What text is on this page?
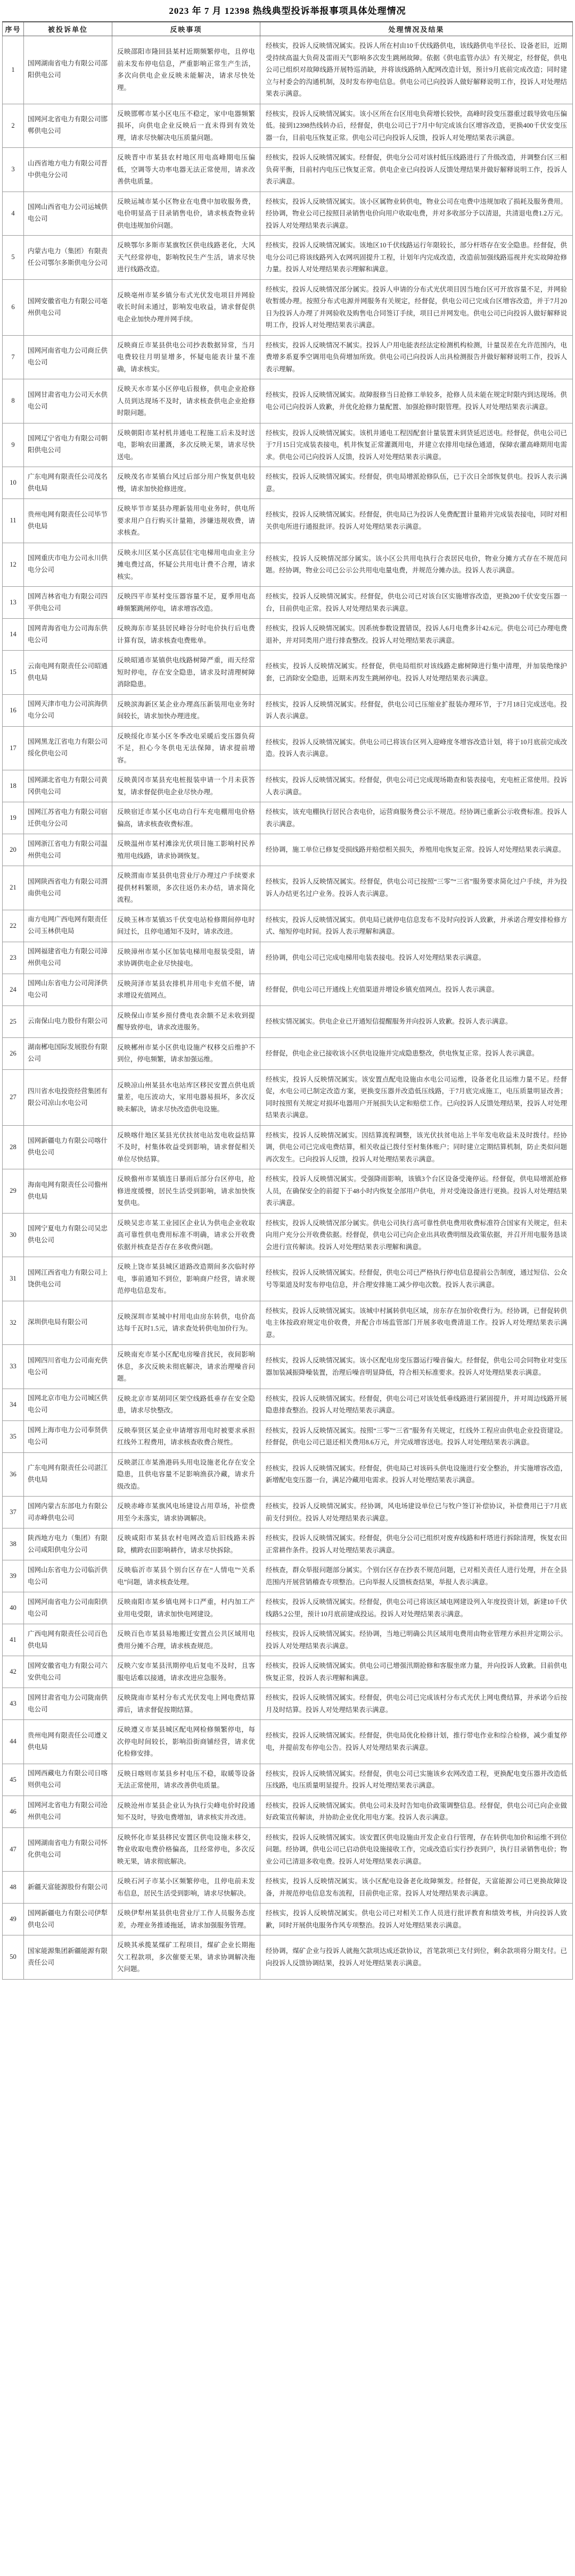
2023 年 7 月 12398 热线典型投诉举报事项具体处理情况
序号	被投诉单位	反映事项	处理情况及结果
1	国网湖南省电力有限公司邵阳供电公司	反映邵阳市隆回县某村近期频繁停电，且停电前未发布停电信息，严重影响正常生产生活，多次向供电企业反映未能解决，请求尽快处理。	经核实，投诉人反映情况属实。投诉人所在村由10千伏线路供电，该线路供电半径长、设备老旧，近期受持续高温大负荷及雷雨天气影响多次发生跳闸故障。依据《供电监管办法》有关规定，经督促，供电公司已组织对故障线路开展特巡消缺，并将该线路纳入配网改造计划，预计9月底前完成改造；同时建立与村委会的沟通机制，及时发布停电信息。供电公司已向投诉人做好解释说明工作，投诉人对处理结果表示满意。
2	国网河北省电力有限公司邯郸供电公司	反映邯郸市某小区电压不稳定，家中电器频繁损坏，向供电企业反映后一直未得到有效处理，请求尽快解决电压质量问题。	经核实，投诉人反映情况属实。该小区所在台区用电负荷增长较快，高峰时段变压器重过载导致电压偏低。接到12398热线转办后，经督促，供电公司已于7月中旬完成该台区增容改造，更换400千伏安变压器一台，目前电压恢复正常。供电公司已向投诉人反馈，投诉人对处理结果表示满意。
3	山西省地方电力有限公司晋中供电分公司	反映晋中市某县农村地区用电高峰期电压偏低，空调等大功率电器无法正常使用，请求改善供电质量。	经核实，投诉人反映情况属实。经督促，供电分公司对该村低压线路进行了升级改造，并调整台区三相负荷平衡，目前村内电压已恢复正常。供电企业已向投诉人反馈处理结果并做好解释说明工作，投诉人表示满意。
4	国网山西省电力公司运城供电公司	反映运城市某小区物业在电费中加收服务费，电价明显高于目录销售电价，请求核查物业转供电违规加价问题。	经核实，投诉人反映情况属实。该小区属物业转供电，物业公司在电费中违规加收了损耗及服务费用。经协调，物业公司已按照目录销售电价向用户收取电费，并对多收部分予以清退，共清退电费1.2万元。投诉人对处理结果表示满意。
5	内蒙古电力（集团）有限责任公司鄂尔多斯供电分公司	反映鄂尔多斯市某旗牧区供电线路老化，大风天气经常停电，影响牧民生产生活，请求尽快进行线路改造。	经核实，投诉人反映情况属实。该地区10千伏线路运行年限较长，部分杆塔存在安全隐患。经督促，供电分公司已将该线路列入农网巩固提升工程，计划年内完成改造，改造前加强线路巡视并充实故障抢修力量。投诉人对处理结果表示理解和满意。
6	国网安徽省电力有限公司亳州供电公司	反映亳州市某乡镇分布式光伏发电项目并网验收长时间未通过，影响发电收益，请求督促供电企业加快办理并网手续。	经核实，投诉人反映情况部分属实。投诉人申请的分布式光伏项目因当地台区可开放容量不足，并网验收暂缓办理。按照分布式电源并网服务有关规定，经督促，供电公司已完成台区增容改造，并于7月20日为投诉人办理了并网验收及购售电合同签订手续，项目已并网发电。供电公司已向投诉人做好解释说明工作，投诉人对处理结果表示满意。
7	国网河南省电力公司商丘供电公司	反映商丘市某县供电公司抄表数据异常，当月电费较往月明显增多，怀疑电能表计量不准确，请求核实。	经核实，投诉人反映情况不属实。投诉人户用电能表经法定检测机构检测，计量误差在允许范围内，电费增多系夏季空调用电负荷增加所致。供电公司已向投诉人出具检测报告并做好解释说明工作，投诉人表示理解。
8	国网甘肃省电力公司天水供电公司	反映天水市某小区停电后报修，供电企业抢修人员到达现场不及时，请求核查供电企业抢修时限问题。	经核实，投诉人反映情况属实。故障报修当日抢修工单较多，抢修人员未能在规定时限内到达现场。供电公司已向投诉人致歉，并优化抢修力量配置、加强抢修时限管理。投诉人对处理结果表示满意。
9	国网辽宁省电力有限公司朝阳供电公司	反映朝阳市某村机井通电工程施工后未及时送电，影响农田灌溉，多次反映无果，请求尽快送电。	经核实，投诉人反映情况属实。该机井通电工程因配套计量装置未到货延迟送电。经督促，供电公司已于7月15日完成装表接电，机井恢复正常灌溉用电，并建立农排用电绿色通道，保障农灌高峰期用电需求。供电公司已向投诉人反馈，投诉人对处理结果表示满意。
10	广东电网有限责任公司茂名供电局	反映茂名市某镇台风过后部分用户恢复供电较慢，请求加快抢修进度。	经核实，投诉人反映情况属实。经督促，供电局增派抢修队伍，已于次日全部恢复供电。投诉人表示满意。
11	贵州电网有限责任公司毕节供电局	反映毕节市某县办理新装用电业务时，供电所要求用户自行购买计量箱，涉嫌违规收费，请求核查。	经核实，投诉人反映情况属实。经督促，供电局已为投诉人免费配置计量箱并完成装表接电，同时对相关供电所进行通报批评。投诉人对处理结果表示满意。
12	国网重庆市电力公司永川供电分公司	反映永川区某小区高层住宅电梯用电由业主分摊电费过高，怀疑公共用电计费不合理，请求核实。	经核实，投诉人反映情况部分属实。该小区公共用电执行合表居民电价，物业分摊方式存在不规范问题。经协调，物业公司已公示公共用电电量电费，并规范分摊办法。投诉人表示满意。
13	国网吉林省电力有限公司四平供电公司	反映四平市某村变压器容量不足，夏季用电高峰频繁跳闸停电，请求增容改造。	经核实，投诉人反映情况属实。经督促，供电公司已对该台区实施增容改造，更换200千伏安变压器一台，目前供电正常。投诉人对处理结果表示满意。
14	国网青海省电力公司海东供电公司	反映海东市某县居民峰谷分时电价执行后电费计算有误，请求核查电费账单。	经核实，投诉人反映情况属实。因系统参数设置错误，投诉人6月电费多计42.6元。供电公司已办理电费退补，并对同类用户进行排查整改。投诉人对处理结果表示满意。
15	云南电网有限责任公司昭通供电局	反映昭通市某镇供电线路树障严重，雨天经常短时停电，存在安全隐患，请求及时清理树障消除隐患。	经核实，投诉人反映情况属实。经督促，供电局组织对该线路走廊树障进行集中清理，并加装绝缘护套，已消除安全隐患，近期未再发生跳闸停电。投诉人对处理结果表示满意。
16	国网天津市电力公司滨海供电分公司	反映滨海新区某企业办理高压新装用电业务时间较长，请求加快办理进度。	经核实，投诉人反映情况属实。经督促，供电公司已压缩业扩报装办理环节，于7月18日完成送电。投诉人表示满意。
17	国网黑龙江省电力有限公司绥化供电公司	反映绥化市某小区冬季改电采暖后变压器负荷不足，担心今冬供电无法保障，请求提前增容。	经核实，投诉人反映情况属实。供电公司已将该台区列入迎峰度冬增容改造计划，将于10月底前完成改造。投诉人表示满意。
18	国网湖北省电力有限公司黄冈供电公司	反映黄冈市某县充电桩报装申请一个月未获答复，请求督促供电企业尽快办理。	经核实，投诉人反映情况属实。经督促，供电公司已完成现场勘查和装表接电，充电桩正常使用。投诉人表示满意。
19	国网江苏省电力有限公司宿迁供电分公司	反映宿迁市某小区电动自行车充电棚用电价格偏高，请求核查收费标准。	经核实，该充电棚执行居民合表电价，运营商服务费公示不规范。经协调已重新公示收费标准。投诉人表示满意。
20	国网浙江省电力有限公司温州供电公司	反映温州市某村滩涂光伏项目施工影响村民养殖用电线路，请求协调恢复。	经协调，施工单位已修复受损线路并赔偿相关损失，养殖用电恢复正常。投诉人对处理结果表示满意。
21	国网陕西省电力有限公司渭南供电公司	反映渭南市某县供电营业厅办理过户手续要求提供材料繁琐，多次往返仍未办结，请求简化流程。	经核实，投诉人反映情况属实。经督促，供电公司已按照“三零”“三省”服务要求简化过户手续，并为投诉人办结更名过户业务。投诉人表示满意。
22	南方电网广西电网有限责任公司玉林供电局	反映玉林市某镇35千伏变电站检修期间停电时间过长，且停电通知不及时，请求改进。	经核实，投诉人反映情况属实。供电局已就停电信息发布不及时向投诉人致歉，并承诺合理安排检修方式、缩短停电时间。投诉人表示理解和满意。
23	国网福建省电力有限公司漳州供电公司	反映漳州市某小区加装电梯用电报装受阻，请求协调供电企业尽快接电。	经协调，供电公司已完成电梯用电装表接电。投诉人对处理结果表示满意。
24	国网山东省电力公司菏泽供电公司	反映菏泽市某县农排机井用电卡充值不便，请求增设充值网点。	经督促，供电公司已开通线上充值渠道并增设乡镇充值网点。投诉人表示满意。
25	云南保山电力股份有限公司	反映保山市某乡预付费电表余额不足未收到提醒导致停电，请求改进服务。	经核实情况属实。供电企业已开通短信提醒服务并向投诉人致歉。投诉人表示满意。
26	湖南郴电国际发展股份有限公司	反映郴州市某小区供电设施产权移交后维护不到位，停电频繁，请求加强运维。	经督促，供电企业已接收该小区供电设施并完成隐患整改，供电恢复正常。投诉人表示满意。
27	四川省水电投资经营集团有限公司凉山水电公司	反映凉山州某县水电站库区移民安置点供电质量差，电压波动大，家用电器易损坏，多次反映未解决，请求尽快改造供电设施。	经核实，投诉人反映情况属实。该安置点配电设施由水电公司运维，设备老化且运维力量不足。经督促，水电公司已制定改造方案，更换变压器并改造低压线路，于7月底完成施工，电压质量明显改善；同时按照有关规定对损坏电器用户开展损失认定和赔偿工作。已向投诉人反馈处理结果，投诉人对处理结果表示满意。
28	国网新疆电力有限公司喀什供电公司	反映喀什地区某县光伏扶贫电站发电收益结算不及时，村集体收益受到影响，请求督促相关单位尽快结算。	经核实，投诉人反映情况属实。因结算流程调整，该光伏扶贫电站上半年发电收益未及时拨付。经协调，供电公司已完成电费结算，相关收益已拨付至村集体账户；同时建立定期结算机制，防止类似问题再次发生。已向投诉人反馈，投诉人对处理结果表示满意。
29	海南电网有限责任公司儋州供电局	反映儋州市某镇连日暴雨后部分台区停电，抢修进度缓慢，居民生活受到影响，请求加快恢复供电。	经核实，投诉人反映情况属实。受强降雨影响，该镇3个台区设备受淹停运。经督促，供电局增派抢修人员，在确保安全的前提下于48小时内恢复全部用户供电，并对受淹设备进行更换。投诉人对处理结果表示满意。
30	国网宁夏电力有限公司吴忠供电公司	反映吴忠市某工业园区企业认为供电企业收取高可靠性供电费用标准不明确，请求公开收费依据并核查是否存在多收费问题。	经核实，投诉人反映情况部分属实。供电公司执行高可靠性供电费用收费标准符合国家有关规定，但未向用户充分公开收费依据。经督促，供电公司已向企业出具收费明细及政策依据，并召开用电服务恳谈会进行宣传解读。投诉人对处理结果表示理解和满意。
31	国网江西省电力有限公司上饶供电公司	反映上饶市某县城区道路改造期间多次临时停电，事前通知不到位，影响商户经营，请求规范停电信息发布。	经核实，投诉人反映情况属实。经督促，供电公司已严格执行停电信息提前公告制度，通过短信、公众号等渠道及时发布停电信息，并合理安排施工减少停电次数。投诉人表示满意。
32	深圳供电局有限公司	反映深圳市某城中村用电由房东转供，电价高达每千瓦时1.5元，请求查处转供电加价行为。	经核实，投诉人反映情况属实。该城中村属转供电区域，房东存在加价收费行为。经协调，已督促转供电主体按政府规定电价收费，并配合市场监管部门开展多收电费清退工作。投诉人对处理结果表示满意。
33	国网四川省电力公司南充供电公司	反映南充市某小区配电房噪音扰民，夜间影响休息，多次反映未彻底解决，请求治理噪音问题。	经核实，投诉人反映情况属实。该小区配电房变压器运行噪音偏大。经督促，供电公司会同物业对变压器加装减振降噪装置，治理后噪音明显降低，符合相关标准要求。投诉人对处理结果表示满意。
34	国网北京市电力公司城区供电公司	反映北京市某胡同区架空线路低垂存在安全隐患，请求尽快整改。	经核实，投诉人反映情况属实。经督促，供电公司已对该处低垂线路进行紧固提升，并对周边线路开展隐患排查整治。投诉人对处理结果表示满意。
35	国网上海市电力公司奉贤供电公司	反映奉贤区某企业申请增容用电时被要求承担红线外工程费用，请求核查收费合规性。	经核实，投诉人反映情况属实。按照“三零”“三省”服务有关规定，红线外工程应由供电企业投资建设。经督促，供电公司已退还相关费用8.6万元，并完成增容送电。投诉人对处理结果表示满意。
36	广东电网有限责任公司湛江供电局	反映湛江市某渔港码头用电设施老化存在安全隐患，且供电容量不足影响渔获冷藏，请求升级改造。	经核实，投诉人反映情况属实。经督促，供电局已对该码头供电设施进行安全整治，并实施增容改造，新增配电变压器一台，满足冷藏用电需求。投诉人对处理结果表示满意。
37	国网内蒙古东部电力有限公司赤峰供电公司	反映赤峰市某旗风电场建设占用草场，补偿费用至今未落实，请求协调解决。	经核实，投诉人反映情况属实。经协调，风电场建设单位已与牧户签订补偿协议，补偿费用已于7月底前支付到位。投诉人对处理结果表示满意。
38	陕西地方电力（集团）有限公司咸阳供电分公司	反映咸阳市某县农村电网改造后旧线路未拆除，横跨农田影响耕作，请求尽快拆除。	经核实，投诉人反映情况属实。经督促，供电分公司已组织对废弃线路和杆塔进行拆除清理，恢复农田正常耕作条件。投诉人对处理结果表示满意。
39	国网山东省电力公司临沂供电公司	反映临沂市某县个别台区存在“人情电”“关系电”问题，请求核查处理。	经核查，群众举报问题部分属实。个别台区存在抄表不规范问题，已对相关责任人进行处理，并在全县范围内开展营销稽查专项整治。已向举报人反馈核查结果，举报人表示满意。
40	国网河南省电力公司南阳供电公司	反映南阳市某乡镇电网卡口严重，村内加工产业用电受限，请求加快电网建设。	经核实，投诉人反映情况属实。经督促，供电公司已将该区域电网建设列入年度投资计划，新建10千伏线路5.2公里，预计10月底前建成投运。投诉人对处理结果表示满意。
41	广西电网有限责任公司百色供电局	反映百色市某县易地搬迁安置点公共区域用电费用分摊不合理，请求核查规范。	经核实，投诉人反映情况属实。经协调，当地已明确公共区域用电费用由物业管理方承担并定期公示。投诉人对处理结果表示满意。
42	国网安徽省电力有限公司六安供电公司	反映六安市某县汛期停电后复电不及时，且客服电话难以接通，请求改进应急服务。	经核实，投诉人反映情况属实。供电公司已增强汛期抢修和客服坐席力量，并向投诉人致歉。目前供电恢复正常，投诉人表示理解和满意。
43	国网甘肃省电力公司陇南供电公司	反映陇南市某村分布式光伏发电上网电费结算滞后，请求督促按期结算。	经核实，投诉人反映情况属实。经督促，供电公司已完成该村分布式光伏上网电费结算，并承诺今后按月及时结算。投诉人对处理结果表示满意。
44	贵州电网有限责任公司遵义供电局	反映遵义市某县城区配电网检修频繁停电，每次停电时间较长，影响沿街商铺经营，请求优化检修安排。	经核实，投诉人反映情况属实。经督促，供电局优化检修计划，推行带电作业和综合检修，减少重复停电，并提前发布停电公告。投诉人对处理结果表示满意。
45	国网西藏电力有限公司日喀则供电公司	反映日喀则市某县乡村电压不稳，取暖等设备无法正常使用，请求改善供电质量。	经核实，投诉人反映情况属实。经督促，供电公司已实施该乡农网改造工程，更换配电变压器并改造低压线路，电压质量明显提升。投诉人对处理结果表示满意。
46	国网河北省电力有限公司沧州供电公司	反映沧州市某县企业认为执行尖峰电价时段通知不及时，导致电费增加，请求核实并改进。	经核实，投诉人反映情况属实。供电公司未及时告知电价政策调整信息。经督促，供电公司已向企业做好政策宣传解读，并协助企业优化用电方案。投诉人表示满意。
47	国网湖南省电力有限公司怀化供电公司	反映怀化市某县移民安置区供电设施未移交，物业收取电费价格偏高，且经常停电，多次反映无果，请求彻底解决。	经核实，投诉人反映情况属实。该安置区供电设施由开发企业自行管理，存在转供电加价和运维不到位问题。经协调，供电公司已启动供电设施接收工作，完成改造后实行抄表到户，执行目录销售电价；物业公司已清退多收电费。投诉人对处理结果表示满意。
48	新疆天富能源股份有限公司	反映石河子市某小区频繁停电，且停电前未发布信息，居民生活受到影响，请求尽快解决。	经核实，投诉人反映情况属实。该小区配电设备老化故障频发。经督促，天富能源公司已更换故障设备，并规范停电信息发布流程，目前供电正常。投诉人对处理结果表示满意。
49	国网新疆电力有限公司伊犁供电公司	反映伊犁州某县供电营业厅工作人员服务态度差，办理业务推诿拖延，请求加强服务管理。	经核实，投诉人反映情况属实。供电公司已对相关工作人员进行批评教育和绩效考核，并向投诉人致歉，同时开展供电服务作风专项整治。投诉人对处理结果表示满意。
50	国家能源集团新疆能源有限责任公司	反映其承揽某煤矿工程项目，煤矿企业长期拖欠工程款项，多次催要无果，请求协调解决拖欠问题。	经协调，煤矿企业与投诉人就拖欠款项达成还款协议，首笔款项已支付到位，剩余款项将分期支付。已向投诉人反馈协调结果，投诉人对处理结果表示满意。
